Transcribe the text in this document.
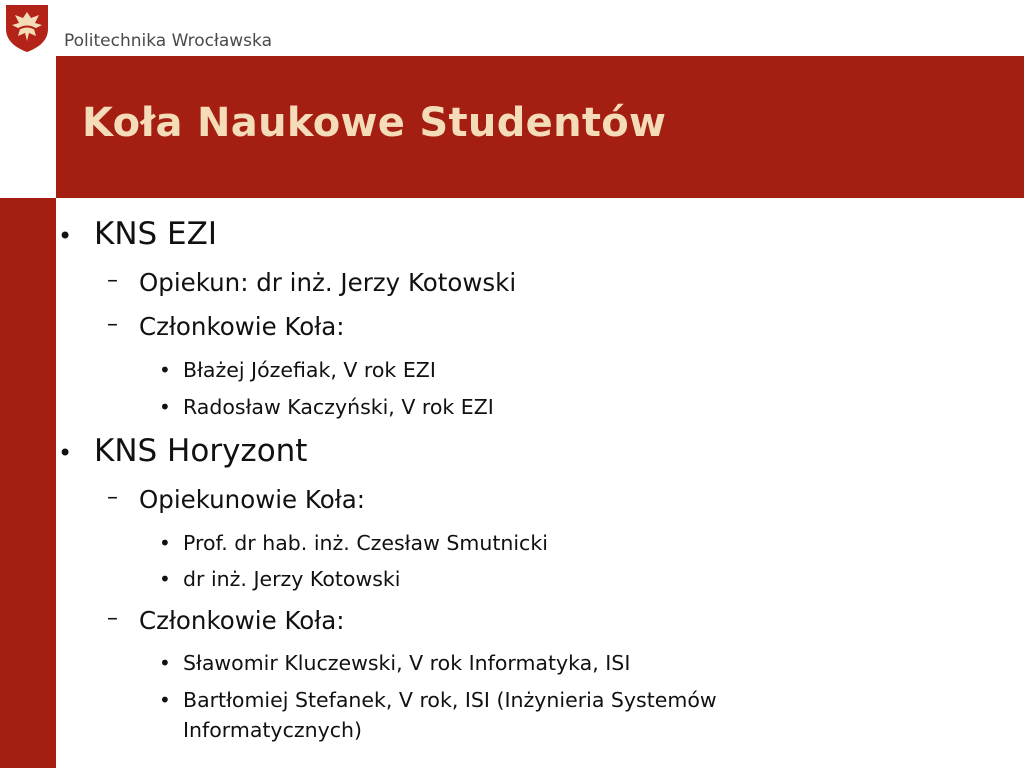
Politechnika Wrocławska
Koła Naukowe Studentów
• KNS EZI
– Opiekun: dr inż. Jerzy Kotowski
– Członkowie Koła:
• Błażej Józefiak, V rok EZI
• Radosław Kaczyński, V rok EZI
• KNS Horyzont
– Opiekunowie Koła:
• Prof. dr hab. inż. Czesław Smutnicki
• dr inż. Jerzy Kotowski
– Członkowie Koła:
• Sławomir Kluczewski, V rok Informatyka, ISI
• Bartłomiej Stefanek, V rok, ISI (Inżynieria Systemów
Informatycznych)
